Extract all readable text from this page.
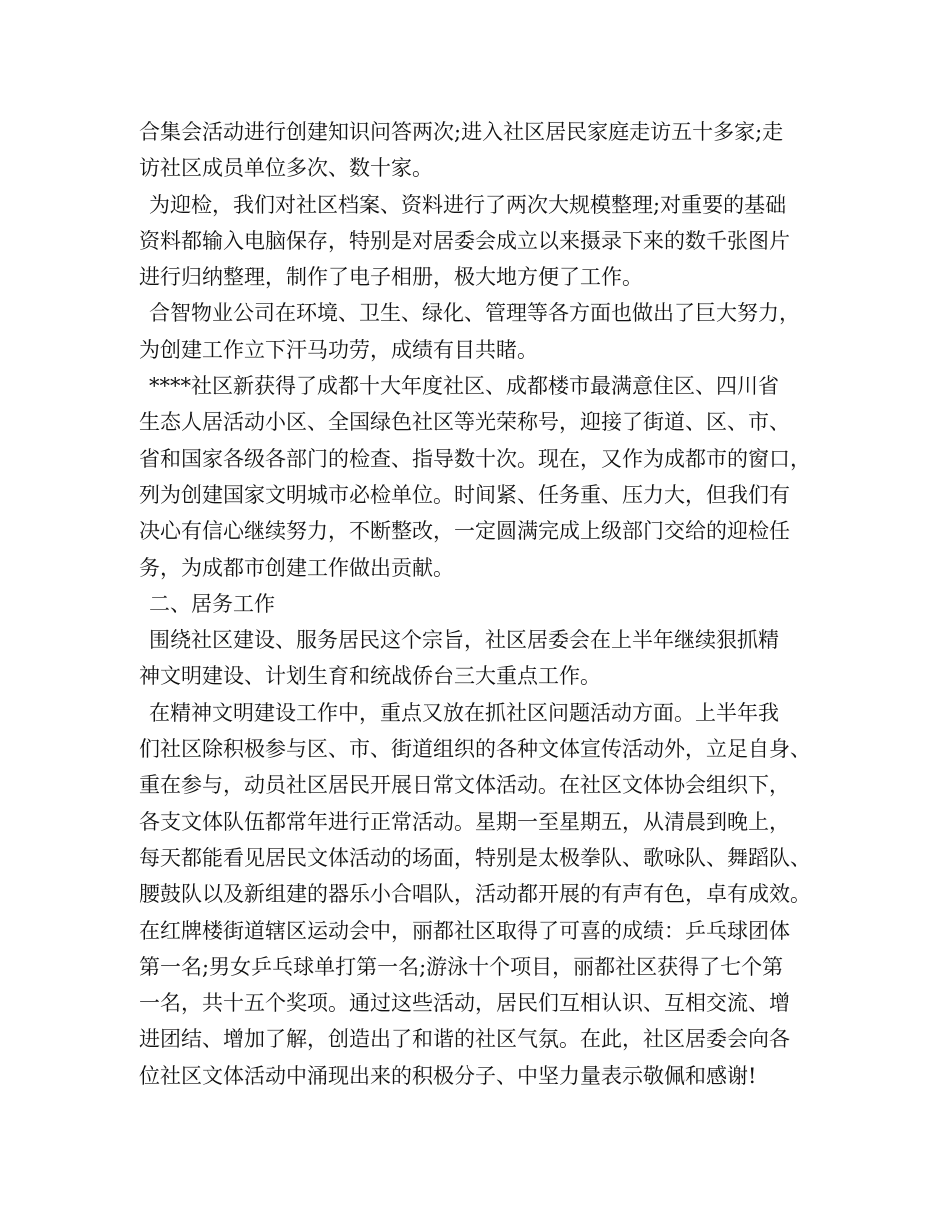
合集会活动进行创建知识问答两次;进入社区居民家庭走访五十多家;走
访社区成员单位多次、数十家。
为迎检，我们对社区档案、资料进行了两次大规模整理;对重要的基础
资料都输入电脑保存，特别是对居委会成立以来摄录下来的数千张图片
进行归纳整理，制作了电子相册，极大地方便了工作。
合智物业公司在环境、卫生、绿化、管理等各方面也做出了巨大努力，
为创建工作立下汗马功劳，成绩有目共睹。
****社区新获得了成都十大年度社区、成都楼市最满意住区、四川省
生态人居活动小区、全国绿色社区等光荣称号，迎接了街道、区、市、
省和国家各级各部门的检查、指导数十次。现在，又作为成都市的窗口，
列为创建国家文明城市必检单位。时间紧、任务重、压力大，但我们有
决心有信心继续努力，不断整改，一定圆满完成上级部门交给的迎检任
务，为成都市创建工作做出贡献。
二、居务工作
围绕社区建设、服务居民这个宗旨，社区居委会在上半年继续狠抓精
神文明建设、计划生育和统战侨台三大重点工作。
在精神文明建设工作中，重点又放在抓社区问题活动方面。上半年我
们社区除积极参与区、市、街道组织的各种文体宣传活动外，立足自身、
重在参与，动员社区居民开展日常文体活动。在社区文体协会组织下，
各支文体队伍都常年进行正常活动。星期一至星期五，从清晨到晚上，
每天都能看见居民文体活动的场面，特别是太极拳队、歌咏队、舞蹈队、
腰鼓队以及新组建的器乐小合唱队，活动都开展的有声有色，卓有成效。
在红牌楼街道辖区运动会中，丽都社区取得了可喜的成绩：乒乓球团体
第一名;男女乒乓球单打第一名;游泳十个项目，丽都社区获得了七个第
一名，共十五个奖项。通过这些活动，居民们互相认识、互相交流、增
进团结、增加了解，创造出了和谐的社区气氛。在此，社区居委会向各
位社区文体活动中涌现出来的积极分子、中坚力量表示敬佩和感谢!
